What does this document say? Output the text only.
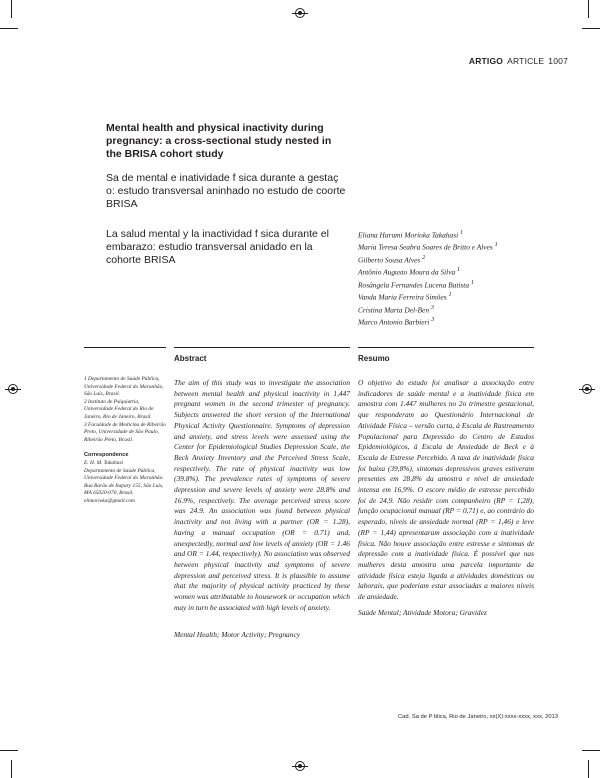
ARTIGO ARTICLE 1007
Mental health and physical inactivity during pregnancy: a cross-sectional study nested in the BRISA cohort study
Sa de mental e inatividade f sica durante a gestaç o: estudo transversal aninhado no estudo de coorte BRISA
La salud mental y la inactividad f sica durante el embarazo: estudio transversal anidado en la cohorte BRISA
Eliana Harumi Morioka Takahasi $^1$
Maria Teresa Seabra Soares de Britto e Alves $^1$
Gilberto Sousa Alves $^2$
Antônio Augusto Moura da Silva $^1$
Rosângela Fernandes Lucena Batista $^1$
Vanda Maria Ferreira Simões $^1$
Cristina Marta Del-Ben $^3$
Marco Antonio Barbieri $^3$
Abstract	Resumo
1 Departamento de Saúde Pública, Universidade Federal do Maranhão, São Luís, Brasil.
2 Instituto de Psiquiatria, Universidade Federal do Rio de Janeiro, Rio de Janeiro, Brasil.
3 Faculdade de Medicina de Ribeirão Preto, Universidade de São Paulo, Ribeirão Preto, Brasil.
Correspondence
E. H. M. Takahasi
Departamento de Saúde Pública, Universidade Federal do Maranhão.
Rua Barão de Itapary 155, São Luís, MA 65020-070, Brasil.
elimorioka@gmail.com
The aim of this study was to investigate the association between mental health and physical inactivity in 1,447 pregnant women in the second trimester of pregnancy. Subjects answered the short version of the International Physical Activity Questionnaire. Symptoms of depression and anxiety, and stress levels were assessed using the Center for Epidemiological Studies Depression Scale, the Beck Anxiety Inventory and the Perceived Stress Scale, respectively. The rate of physical inactivity was low (39.8%). The prevalence rates of symptoms of severe depression and severe levels of anxiety were 28.8% and 16.9%, respectively. The average perceived stress score was 24.9. An association was found between physical inactivity and not living with a partner (OR = 1.28), having a manual occupation (OR = 0.71) and, unexpectedly, normal and low levels of anxiety (OR = 1.46 and OR = 1.44, respectively). No association was observed between physical inactivity and symptoms of severe depression and perceived stress. It is plausible to assume that the majority of physical activity practiced by these women was attributable to housework or occupation which may in turn be associated with high levels of anxiety.
Mental Health; Motor Activity; Pregnancy
O objetivo do estudo foi analisar a associação entre indicadores de saúde mental e a inatividade física em amostra com 1.447 mulheres no 2o trimestre gestacional, que responderam ao Questionário Internacional de Atividade Física – versão curta, à Escala de Rastreamento Populacional para Depressão do Centro de Estudos Epidemiológicos, à Escala de Ansiedade de Beck e à Escala de Estresse Percebido. A taxa de inatividade física foi baixa (39,8%), sintomas depressivos graves estiveram presentes em 28,8% da amostra e nível de ansiedade intensa em 16,9%. O escore médio de estresse percebido foi de 24,9. Não residir com companheiro (RP = 1,28), função ocupacional manual (RP = 0,71) e, ao contrário do esperado, níveis de ansiedade normal (RP = 1,46) e leve (RP = 1,44) apresentaram associação com a inatividade física. Não houve associação entre estresse e sintomas de depressão com a inatividade física. É possível que nas mulheres desta amostra uma parcela importante da atividade física esteja ligada a atividades domésticas ou laborais, que poderiam estar associadas a maiores níveis de ansiedade.
Saúde Mental; Atividade Motora; Gravidez
Cad. Sa de P blica, Rio de Janeiro, xx(X):xxxx-xxxx, xxx, 2013
